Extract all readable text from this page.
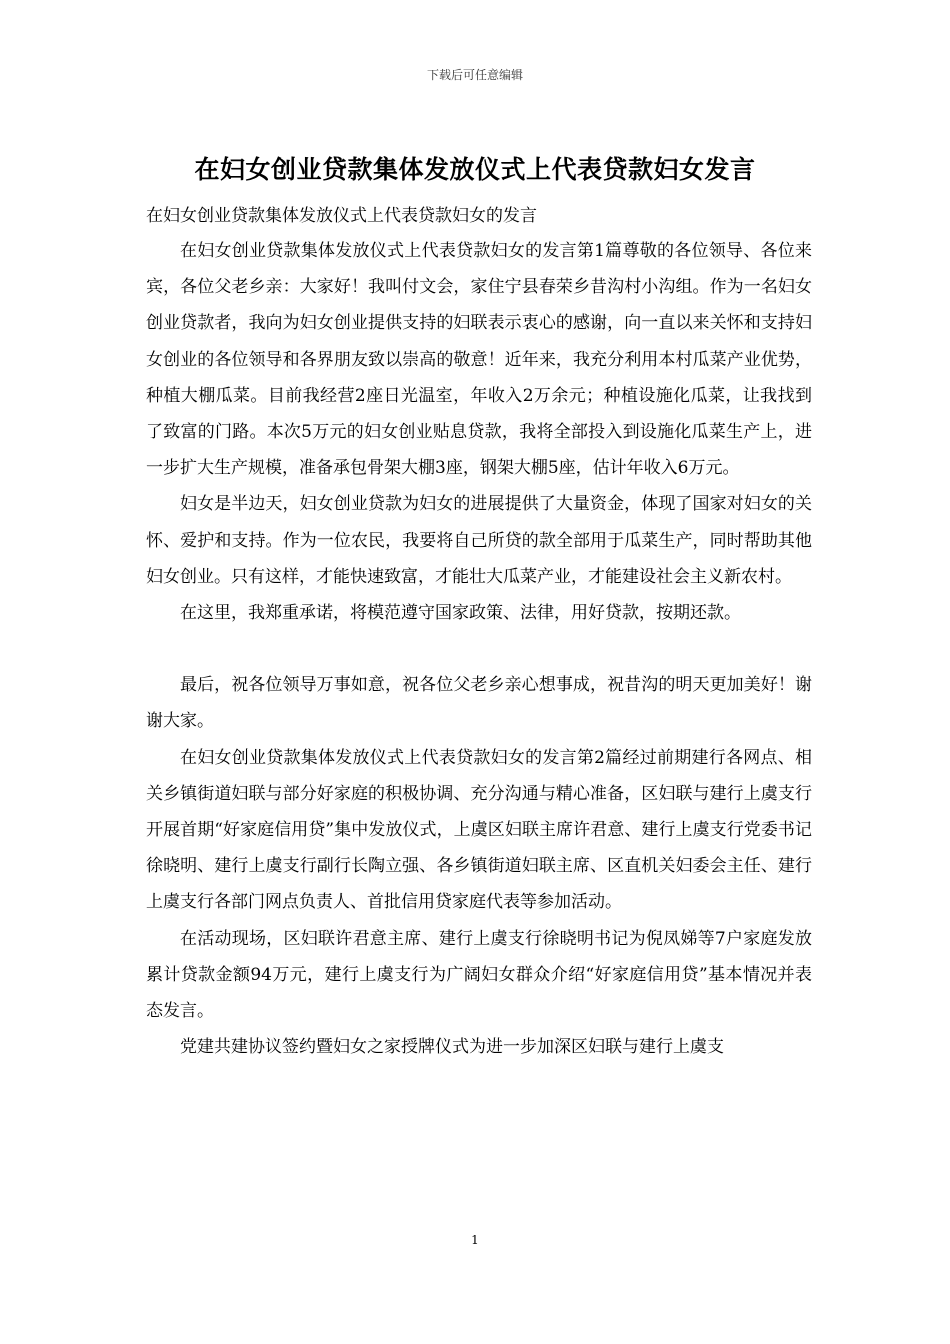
下载后可任意编辑
在妇女创业贷款集体发放仪式上代表贷款妇女发言
在妇女创业贷款集体发放仪式上代表贷款妇女的发言

在妇女创业贷款集体发放仪式上代表贷款妇女的发言第1篇尊敬的各位领导、各位来宾，各位父老乡亲：大家好！我叫付文会，家住宁县春荣乡昔沟村小沟组。作为一名妇女创业贷款者，我向为妇女创业提供支持的妇联表示衷心的感谢，向一直以来关怀和支持妇女创业的各位领导和各界朋友致以崇高的敬意！近年来，我充分利用本村瓜菜产业优势，种植大棚瓜菜。目前我经营2座日光温室，年收入2万余元；种植设施化瓜菜，让我找到了致富的门路。本次5万元的妇女创业贴息贷款，我将全部投入到设施化瓜菜生产上，进一步扩大生产规模，准备承包骨架大棚3座，钢架大棚5座，估计年收入6万元。

妇女是半边天，妇女创业贷款为妇女的进展提供了大量资金，体现了国家对妇女的关怀、爱护和支持。作为一位农民，我要将自己所贷的款全部用于瓜菜生产，同时帮助其他妇女创业。只有这样，才能快速致富，才能壮大瓜菜产业，才能建设社会主义新农村。

在这里，我郑重承诺，将模范遵守国家政策、法律，用好贷款，按期还款。

最后，祝各位领导万事如意，祝各位父老乡亲心想事成，祝昔沟的明天更加美好！谢谢大家。

在妇女创业贷款集体发放仪式上代表贷款妇女的发言第2篇经过前期建行各网点、相关乡镇街道妇联与部分好家庭的积极协调、充分沟通与精心准备，区妇联与建行上虞支行开展首期“好家庭信用贷”集中发放仪式，上虞区妇联主席许君意、建行上虞支行党委书记徐晓明、建行上虞支行副行长陶立强、各乡镇街道妇联主席、区直机关妇委会主任、建行上虞支行各部门网点负责人、首批信用贷家庭代表等参加活动。

在活动现场，区妇联许君意主席、建行上虞支行徐晓明书记为倪凤娣等7户家庭发放累计贷款金额94万元，建行上虞支行为广阔妇女群众介绍“好家庭信用贷”基本情况并表态发言。

党建共建协议签约暨妇女之家授牌仪式为进一步加深区妇联与建行上虞支

1
